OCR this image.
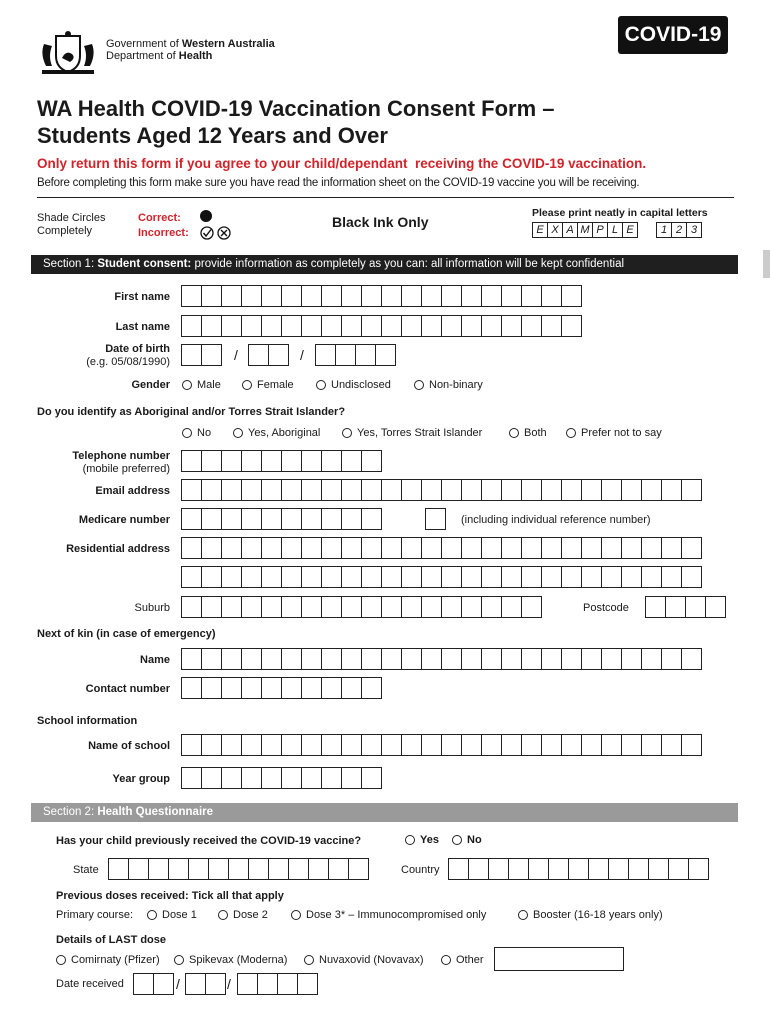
Government of Western Australia
Department of Health
COVID-19
WA Health COVID-19 Vaccination Consent Form –
Students Aged 12 Years and Over
Only return this form if you agree to your child/dependant  receiving the COVID-19 vaccination.
Before completing this form make sure you have read the information sheet on the COVID-19 vaccine you will be receiving.
Shade Circles
Completely
Correct:
Incorrect:
Black Ink Only
Please print neatly in capital letters
E X A M P L E	1 2 3
Section 1: Student consent: provide information as completely as you can: all information will be kept confidential
First name
Last name
Date of birth
(e.g. 05/08/1990)	/	/
Gender	Male	Female	Undisclosed	Non-binary
Do you identify as Aboriginal and/or Torres Strait Islander?
No	Yes, Aboriginal	Yes, Torres Strait Islander	Both	Prefer not to say
Telephone number
(mobile preferred)
Email address
Medicare number	(including individual reference number)
Residential address
Suburb	Postcode
Next of kin (in case of emergency)
Name
Contact number
School information
Name of school
Year group
Section 2: Health Questionnaire
Has your child previously received the COVID-19 vaccine?	Yes	No
State	Country
Previous doses received: Tick all that apply
Primary course:	Dose 1	Dose 2	Dose 3* – Immunocompromised only	Booster (16-18 years only)
Details of LAST dose
Comirnaty (Pfizer)	Spikevax (Moderna)	Nuvaxovid (Novavax)	Other
Date received	/	/
